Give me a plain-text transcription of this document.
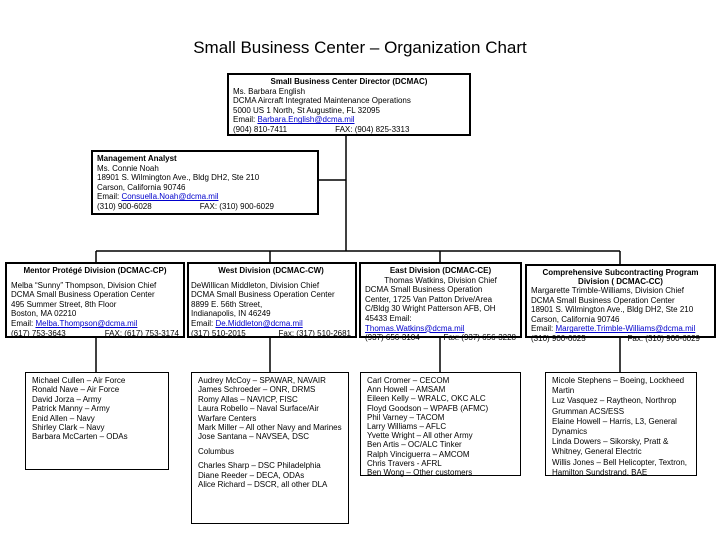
Small Business Center – Organization Chart
Small Business Center Director (DCMAC)
Ms. Barbara English
DCMA Aircraft Integrated Maintenance Operations
5000 US 1 North, St Augustine, FL 32095
Email: Barbara.English@dcma.mil
(904) 810-7411	FAX: (904) 825-3313
Management Analyst
Ms. Connie Noah
18901 S. Wilmington Ave., Bldg DH2, Ste 210
Carson, California 90746
Email: Consuella.Noah@dcma.mil
(310) 900-6028	FAX: (310) 900-6029
Mentor Protégé Division (DCMAC-CP)
Melba “Sunny” Thompson, Division Chief
DCMA Small Business Operation Center
495 Summer Street, 8th Floor
Boston, MA 02210
Email: Melba.Thompson@dcma.mil
(617) 753-3643	FAX: (617) 753-3174
West Division (DCMAC-CW)
DeWillican Middleton, Division Chief
DCMA Small Business Operation Center
8899 E. 56th Street,
Indianapolis, IN 46249
Email: De.Middleton@dcma.mil
(317) 510-2015	Fax: (317) 510-2681
East Division (DCMAC-CE)
Thomas Watkins, Division Chief
DCMA Small Business Operation
Center, 1725 Van Patton Drive/Area
C/Bldg 30 Wright Patterson AFB, OH
45433 Email:
Thomas.Watkins@dcma.mil
(937) 656-3104	Fax: (937) 656-3228
Comprehensive Subcontracting Program Division ( DCMAC-CC)
Margarette Trimble-Williams, Division Chief
DCMA Small Business Operation Center
18901 S. Wilmington Ave., Bldg DH2, Ste 210
Carson, California 90746
Email: Margarette.Trimble-Williams@dcma.mil
(310) 900-6025	Fax: (310) 900-6029
Michael Cullen – Air Force
Ronald Nave – Air Force
David Jorza – Army
Patrick Manny – Army
Enid Allen – Navy
Shirley Clark – Navy
Barbara McCarten – ODAs
Audrey McCoy – SPAWAR, NAVAIR
James Schroeder – ONR, DRMS
Romy Allas – NAVICP, FISC
Laura Robello – Naval Surface/Air Warfare Centers
Mark Miller – All other Navy and Marines
Jose Santana – NAVSEA, DSC
Columbus
Charles Sharp – DSC Philadelphia
Diane Reeder – DECA, ODAs
Alice Richard – DSCR, all other DLA
Carl Cromer – CECOM
Ann Howell – AMSAM
Eileen Kelly – WRALC, OKC ALC
Floyd Goodson – WPAFB (AFMC)
Phil Varney – TACOM
Larry Williams – AFLC
Yvette Wright – All other Army
Ben Artis – OC/ALC Tinker
Ralph Vinciguerra – AMCOM
Chris Travers - AFRL
Ben Wong – Other customers
Micole Stephens – Boeing, Lockheed Martin
Luz Vasquez – Raytheon, Northrop Grumman ACS/ESS
Elaine Howell – Harris, L3, General Dynamics
Linda Dowers – Sikorsky, Pratt & Whitney, General Electric
Willis Jones – Bell Helicopter, Textron, Hamilton Sundstrand, BAE
